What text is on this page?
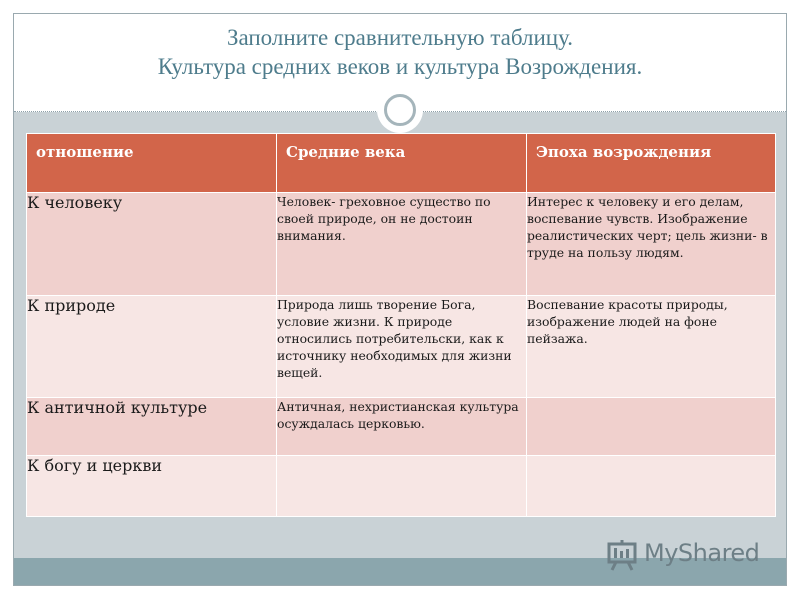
Заполните сравнительную таблицу.
Культура средних веков и культура Возрождения.
отношение	Средние века	Эпоха возрождения
К человеку	Человек- греховное существо по своей природе, он не достоин внимания.	Интерес к человеку и его делам, воспевание чувств. Изображение реалистических черт; цель жизни- в труде на пользу людям.
К природе	Природа лишь творение Бога, условие жизни. К природе относились потребительски, как к источнику необходимых для жизни вещей.	Воспевание красоты природы, изображение людей на фоне пейзажа.
К античной культуре	Античная, нехристианская культура осуждалась церковью.	
К богу и церкви		
MyShared
